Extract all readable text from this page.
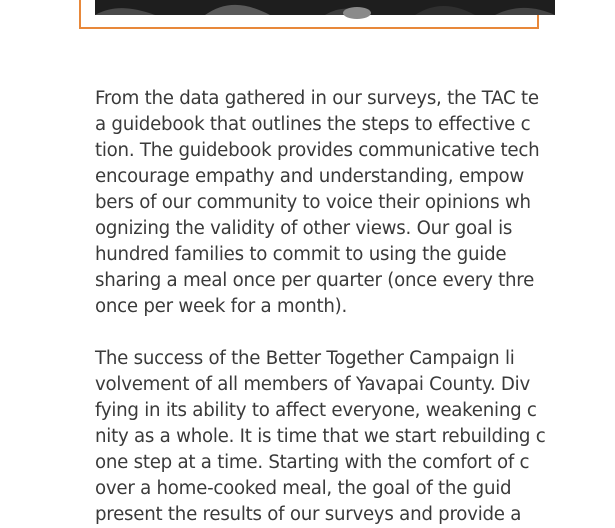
From the data gathered in our surveys, the TAC te
a guidebook that outlines the steps to effective c
tion. The guidebook provides communicative tech
encourage empathy and understanding, empow
bers of our community to voice their opinions wh
ognizing the validity of other views. Our goal is
hundred families to commit to using the guide
sharing a meal once per quarter (once every thre
once per week for a month).

The success of the Better Together Campaign li
volvement of all members of Yavapai County. Div
fying in its ability to affect everyone, weakening c
nity as a whole. It is time that we start rebuilding c
one step at a time. Starting with the comfort of c
over a home-cooked meal, the goal of the guid
present the results of our surveys and provide a
